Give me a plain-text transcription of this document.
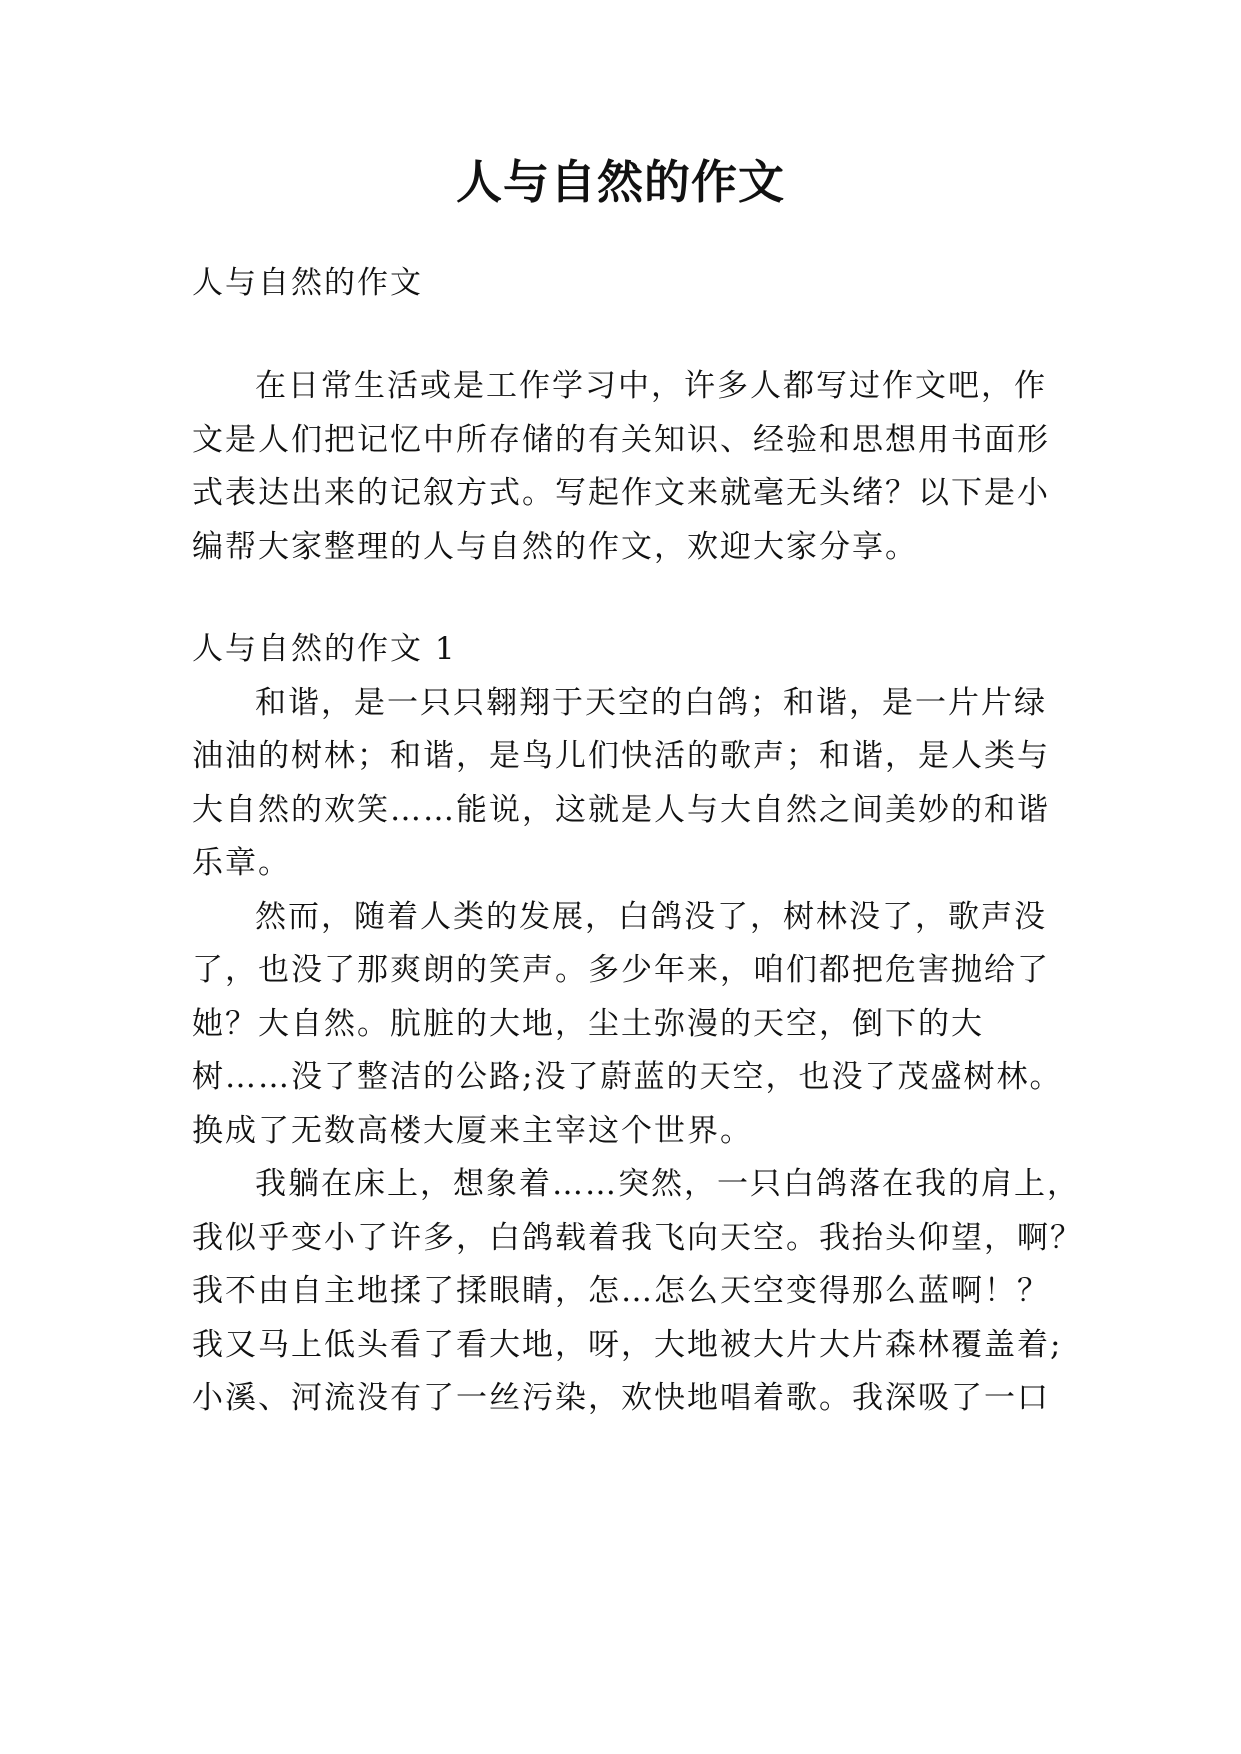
人与自然的作文
人与自然的作文
在日常生活或是工作学习中，许多人都写过作文吧，作
文是人们把记忆中所存储的有关知识、经验和思想用书面形
式表达出来的记叙方式。写起作文来就毫无头绪？以下是小
编帮大家整理的人与自然的作文，欢迎大家分享。
人与自然的作文 1
和谐，是一只只翱翔于天空的白鸽；和谐，是一片片绿
油油的树林；和谐，是鸟儿们快活的歌声；和谐，是人类与
大自然的欢笑……能说，这就是人与大自然之间美妙的和谐
乐章。
然而，随着人类的发展，白鸽没了，树林没了，歌声没
了，也没了那爽朗的笑声。多少年来，咱们都把危害抛给了
她？大自然。肮脏的大地，尘土弥漫的天空，倒下的大
树……没了整洁的公路;没了蔚蓝的天空，也没了茂盛树林。
换成了无数高楼大厦来主宰这个世界。
我躺在床上，想象着……突然，一只白鸽落在我的肩上，
我似乎变小了许多，白鸽载着我飞向天空。我抬头仰望，啊？
我不由自主地揉了揉眼睛，怎…怎么天空变得那么蓝啊！？
我又马上低头看了看大地，呀，大地被大片大片森林覆盖着;
小溪、河流没有了一丝污染，欢快地唱着歌。我深吸了一口
